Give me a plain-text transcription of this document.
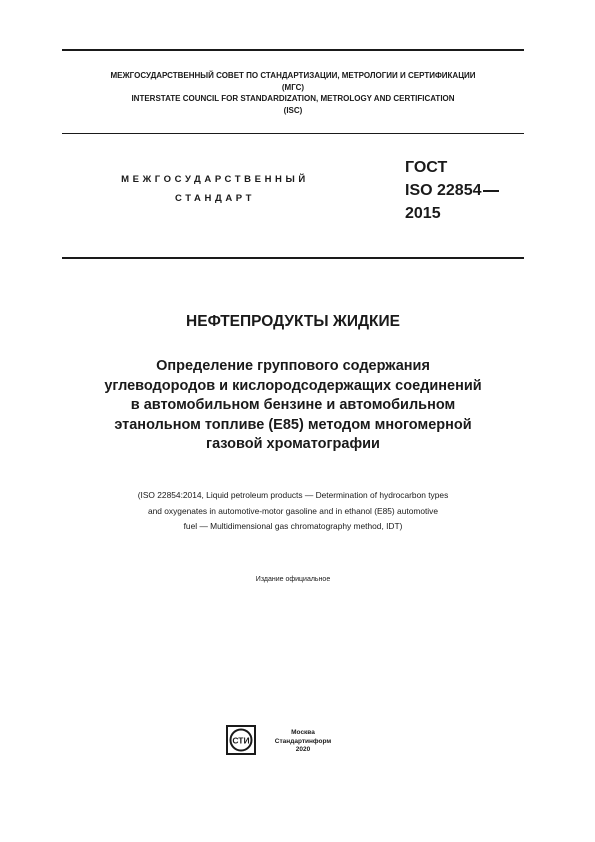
МЕЖГОСУДАРСТВЕННЫЙ СОВЕТ ПО СТАНДАРТИЗАЦИИ, МЕТРОЛОГИИ И СЕРТИФИКАЦИИ
(МГС)
INTERSTATE COUNCIL FOR STANDARDIZATION, METROLOGY AND CERTIFICATION
(ISC)
МЕЖГОСУДАРСТВЕННЫЙ
СТАНДАРТ
ГОСТ
ISO 22854
2015
НЕФТЕПРОДУКТЫ ЖИДКИЕ
Определение группового содержания
углеводородов и кислородсодержащих соединений
в автомобильном бензине и автомобильном
этанольном топливе (Е85) методом многомерной
газовой хроматографии
(ISO 22854:2014, Liquid petroleum products — Determination of hydrocarbon types
and oxygenates in automotive-motor gasoline and in ethanol (E85) automotive
fuel — Multidimensional gas chromatography method, IDT)
Издание официальное
СТИ
Москва
Стандартинформ
2020
